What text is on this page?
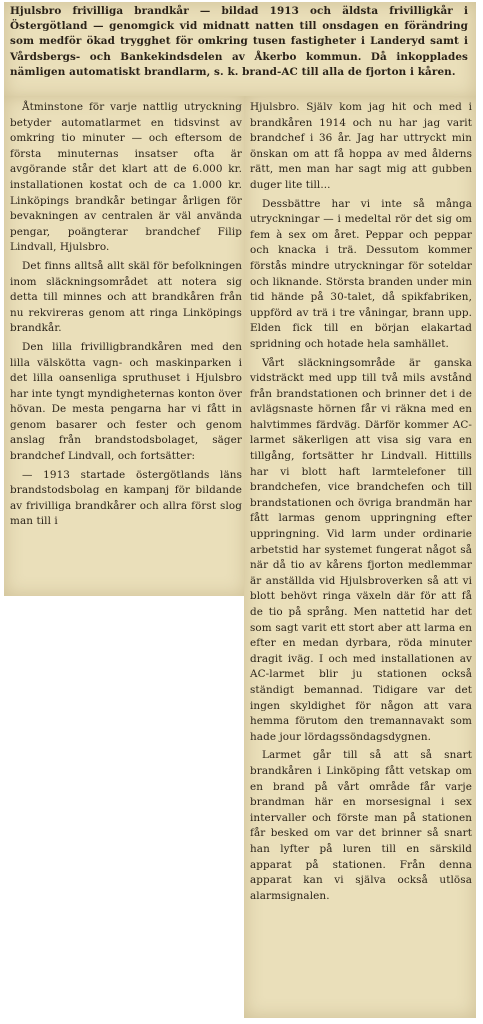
Hjulsbro frivilliga brandkår — bildad 1913 och äldsta frivilligkår i Östergötland — genomgick vid midnatt natten till onsdagen en förändring som medför ökad trygghet för omkring tusen fastigheter i Landeryd samt i Vårdsbergs- och Bankekindsdelen av Åkerbo kommun. Då inkopplades nämligen automatiskt brandlarm, s. k. brand-AC till alla de fjorton i kåren.

Åtminstone för varje nattlig utryckning betyder automatlarmet en tidsvinst av omkring tio minuter — och eftersom de första minuternas insatser ofta är avgörande står det klart att de 6.000 kr. installationen kostat och de ca 1.000 kr. Linköpings brandkår betingar årligen för bevakningen av centralen är väl använda pengar, poängterar brandchef Filip Lindvall, Hjulsbro.

Det finns alltså allt skäl för befolkningen inom släckningsområdet att notera sig detta till minnes och att brandkåren från nu rekvireras genom att ringa Linköpings brandkår.

Den lilla frivilligbrandkåren med den lilla välskötta vagn- och maskinparken i det lilla oansenliga spruthuset i Hjulsbro har inte tyngt myndigheternas konton över hövan. De mesta pengarna har vi fått in genom basarer och fester och genom anslag från brandstodsbolaget, säger brandchef Lindvall, och fortsätter:

— 1913 startade östergötlands läns brandstodsbolag en kampanj för bildande av frivilliga brandkårer och allra först slog man till i

Hjulsbro. Själv kom jag hit och med i brandkåren 1914 och nu har jag varit brandchef i 36 år. Jag har uttryckt min önskan om att få hoppa av med ålderns rätt, men man har sagt mig att gubben duger lite till...

Dessbättre har vi inte så många utryckningar — i medeltal rör det sig om fem à sex om året. Peppar och peppar och knacka i trä. Dessutom kommer förstås mindre utryckningar för soteldar och liknande. Största branden under min tid hände på 30-talet, då spikfabriken, uppförd av trä i tre våningar, brann upp. Elden fick till en början elakartad spridning och hotade hela samhället.

Vårt släckningsområde är ganska vidsträckt med upp till två mils avstånd från brandstationen och brinner det i de avlägsnaste hörnen får vi räkna med en halvtimmes färdväg. Därför kommer AC-larmet säkerligen att visa sig vara en tillgång, fortsätter hr Lindvall. Hittills har vi blott haft larmtelefoner till brandchefen, vice brandchefen och till brandstationen och övriga brandmän har fått larmas genom uppringning efter uppringning. Vid larm under ordinarie arbetstid har systemet fungerat något så när då tio av kårens fjorton medlemmar är anställda vid Hjulsbroverken så att vi blott behövt ringa växeln där för att få de tio på språng. Men nattetid har det som sagt varit ett stort aber att larma en efter en medan dyrbara, röda minuter dragit iväg. I och med installationen av AC-larmet blir ju stationen också ständigt bemannad. Tidigare var det ingen skyldighet för någon att vara hemma förutom den tremannavakt som hade jour lördagssöndagsdygnen.

Larmet går till så att så snart brandkåren i Linköping fått vetskap om en brand på vårt område får varje brandman här en morsesignal i sex intervaller och förste man på stationen får besked om var det brinner så snart han lyfter på luren till en särskild apparat på stationen. Från denna apparat kan vi själva också utlösa alarmsignalen.
